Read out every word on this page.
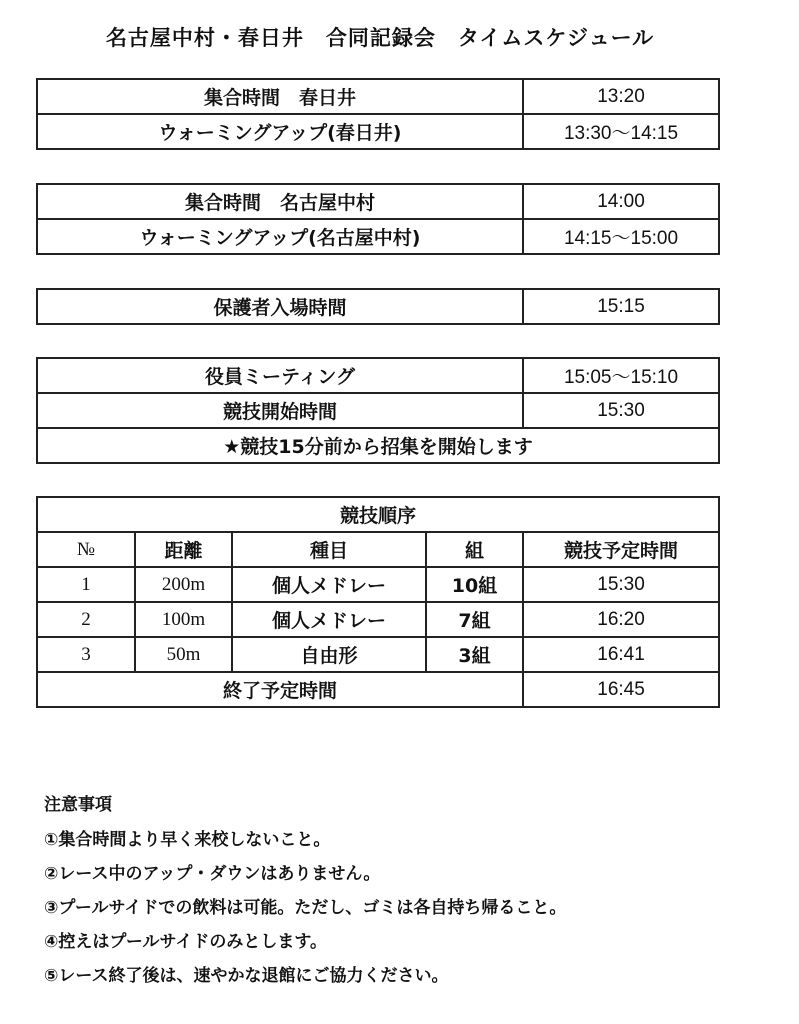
名古屋中村・春日井　合同記録会　タイムスケジュール
集合時間　春日井	13:20
ウォーミングアップ(春日井)	13:30～14:15
集合時間　名古屋中村	14:00
ウォーミングアップ(名古屋中村)	14:15～15:00
保護者入場時間	15:15
役員ミーティング	15:05～15:10
競技開始時間	15:30
★競技15分前から招集を開始します	
競技順序				
№	距離	種目	組	競技予定時間
1	200m	個人メドレー	10組	15:30
2	100m	個人メドレー	7組	16:20
3	50m	自由形	3組	16:41
終了予定時間				16:45
注意事項
①集合時間より早く来校しないこと。
②レース中のアップ・ダウンはありません。
③プールサイドでの飲料は可能。ただし、ゴミは各自持ち帰ること。
④控えはプールサイドのみとします。
⑤レース終了後は、速やかな退館にご協力ください。
